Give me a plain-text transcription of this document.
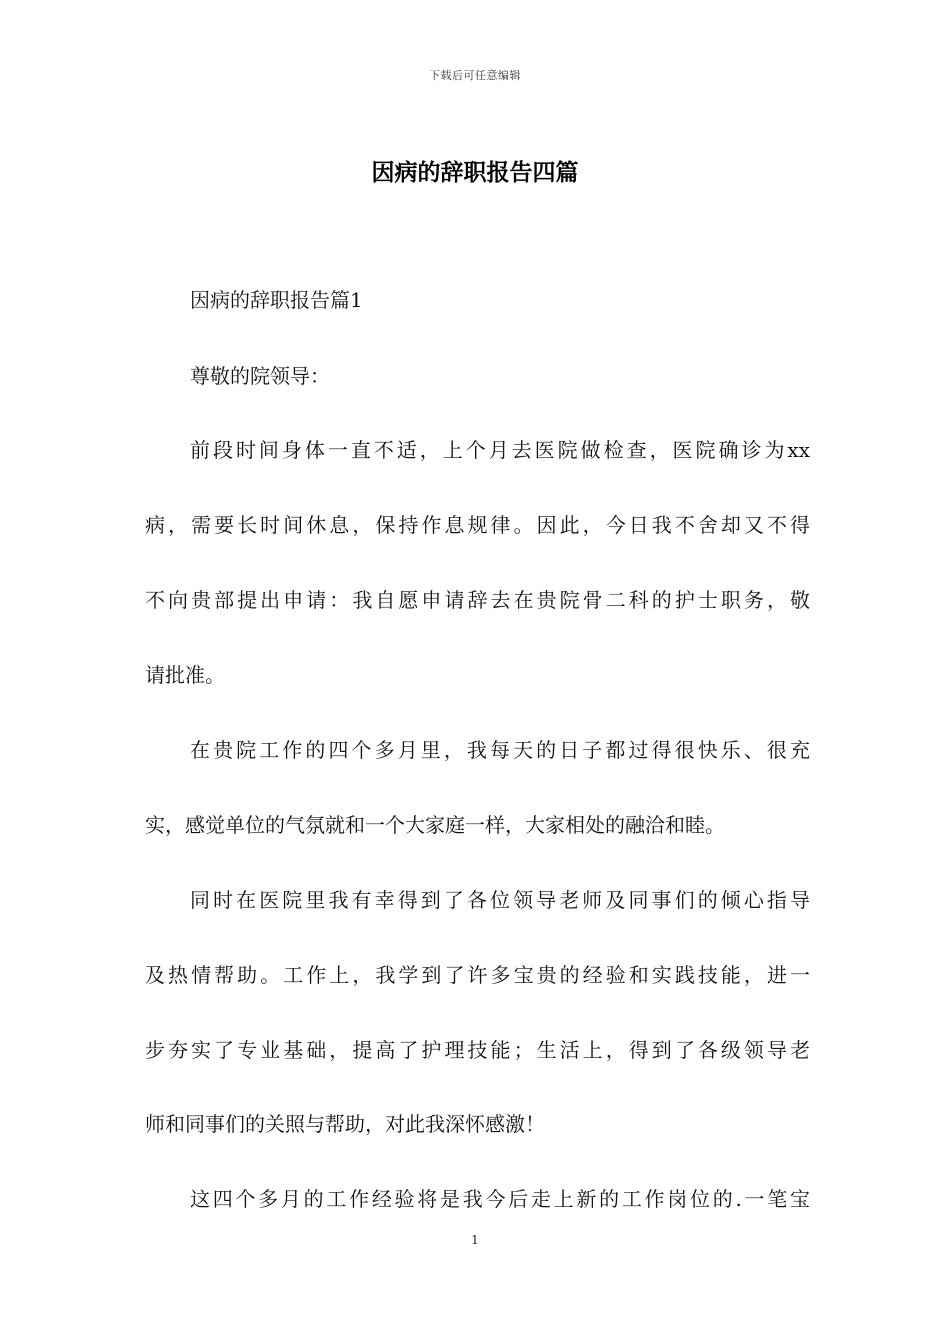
下载后可任意编辑
因病的辞职报告四篇
因病的辞职报告篇1
尊敬的院领导：
前段时间身体一直不适，上个月去医院做检查，医院确诊为xx
病，需要长时间休息，保持作息规律。因此，今日我不舍却又不得
不向贵部提出申请：我自愿申请辞去在贵院骨二科的护士职务，敬
请批准。
在贵院工作的四个多月里，我每天的日子都过得很快乐、很充
实，感觉单位的气氛就和一个大家庭一样，大家相处的融洽和睦。
同时在医院里我有幸得到了各位领导老师及同事们的倾心指导
及热情帮助。工作上，我学到了许多宝贵的经验和实践技能，进一
步夯实了专业基础，提高了护理技能；生活上，得到了各级领导老
师和同事们的关照与帮助，对此我深怀感激！
这四个多月的工作经验将是我今后走上新的工作岗位的.一笔宝
1
